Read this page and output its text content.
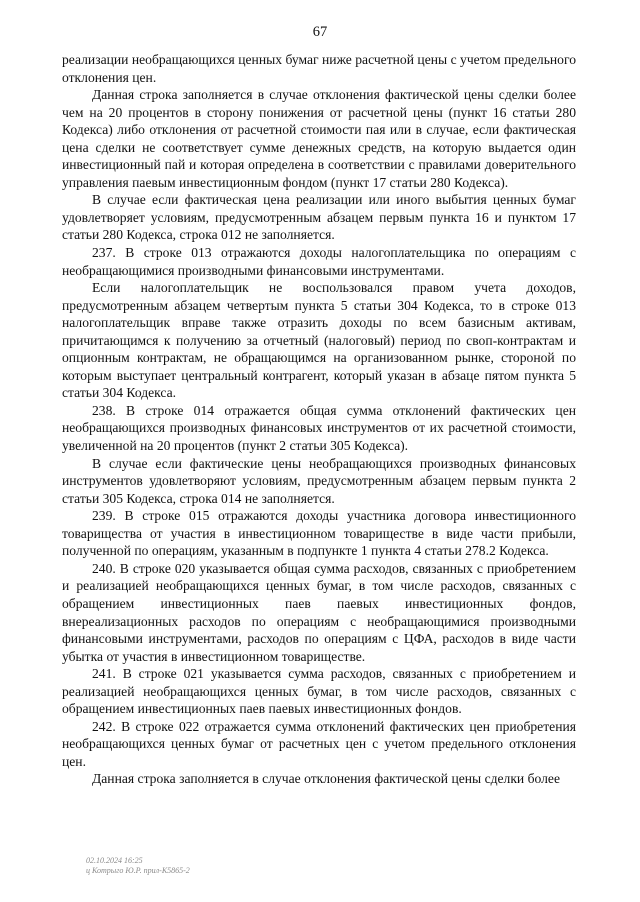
67

реализации необращающихся ценных бумаг ниже расчетной цены с учетом предельного отклонения цен.

Данная строка заполняется в случае отклонения фактической цены сделки более чем на 20 процентов в сторону понижения от расчетной цены (пункт 16 статьи 280 Кодекса) либо отклонения от расчетной стоимости пая или в случае, если фактическая цена сделки не соответствует сумме денежных средств, на которую выдается один инвестиционный пай и которая определена в соответствии с правилами доверительного управления паевым инвестиционным фондом (пункт 17 статьи 280 Кодекса).

В случае если фактическая цена реализации или иного выбытия ценных бумаг удовлетворяет условиям, предусмотренным абзацем первым пункта 16 и пунктом 17 статьи 280 Кодекса, строка 012 не заполняется.

237. В строке 013 отражаются доходы налогоплательщика по операциям с необращающимися производными финансовыми инструментами.

Если налогоплательщик не воспользовался правом учета доходов, предусмотренным абзацем четвертым пункта 5 статьи 304 Кодекса, то в строке 013 налогоплательщик вправе также отразить доходы по всем базисным активам, причитающимся к получению за отчетный (налоговый) период по своп-контрактам и опционным контрактам, не обращающимся на организованном рынке, стороной по которым выступает центральный контрагент, который указан в абзаце пятом пункта 5 статьи 304 Кодекса.

238. В строке 014 отражается общая сумма отклонений фактических цен необращающихся производных финансовых инструментов от их расчетной стоимости, увеличенной на 20 процентов (пункт 2 статьи 305 Кодекса).

В случае если фактические цены необращающихся производных финансовых инструментов удовлетворяют условиям, предусмотренным абзацем первым пункта 2 статьи 305 Кодекса, строка 014 не заполняется.

239. В строке 015 отражаются доходы участника договора инвестиционного товарищества от участия в инвестиционном товариществе в виде части прибыли, полученной по операциям, указанным в подпункте 1 пункта 4 статьи 278.2 Кодекса.

240. В строке 020 указывается общая сумма расходов, связанных с приобретением и реализацией необращающихся ценных бумаг, в том числе расходов, связанных с обращением инвестиционных паев паевых инвестиционных фондов, внереализационных расходов по операциям с необращающимися производными финансовыми инструментами, расходов по операциям с ЦФА, расходов в виде части убытка от участия в инвестиционном товариществе.

241. В строке 021 указывается сумма расходов, связанных с приобретением и реализацией необращающихся ценных бумаг, в том числе расходов, связанных с обращением инвестиционных паев паевых инвестиционных фондов.

242. В строке 022 отражается сумма отклонений фактических цен приобретения необращающихся ценных бумаг от расчетных цен с учетом предельного отклонения цен.

Данная строка заполняется в случае отклонения фактической цены сделки более

02.10.2024 16:25
ц Котрыго Ю.Р. прил-К5865-2
